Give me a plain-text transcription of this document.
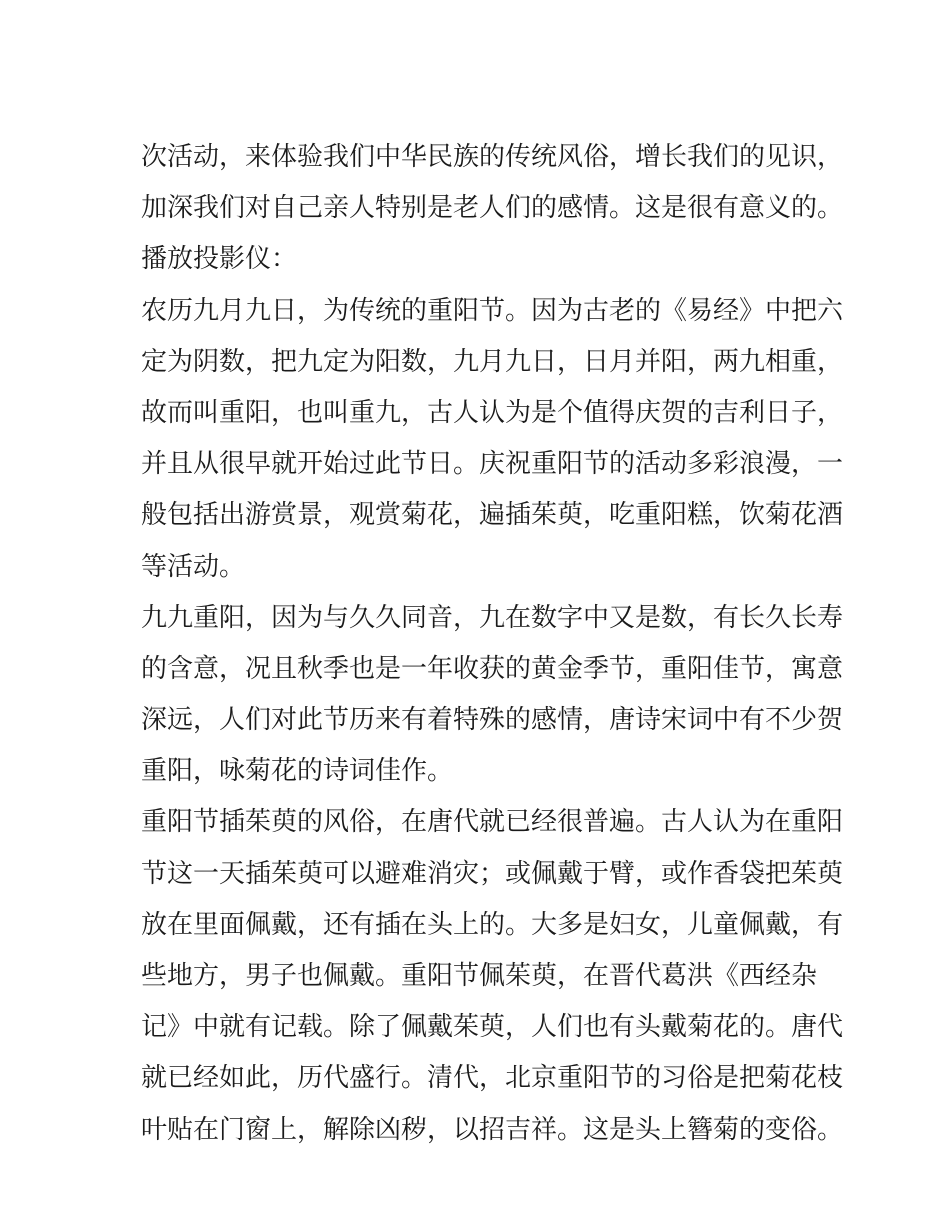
次活动，来体验我们中华民族的传统风俗，增长我们的见识，
加深我们对自己亲人特别是老人们的感情。这是很有意义的。
播放投影仪：
农历九月九日，为传统的重阳节。因为古老的《易经》中把六
定为阴数，把九定为阳数，九月九日，日月并阳，两九相重，
故而叫重阳，也叫重九，古人认为是个值得庆贺的吉利日子，
并且从很早就开始过此节日。庆祝重阳节的活动多彩浪漫，一
般包括出游赏景，观赏菊花，遍插茱萸，吃重阳糕，饮菊花酒
等活动。
九九重阳，因为与久久同音，九在数字中又是数，有长久长寿
的含意，况且秋季也是一年收获的黄金季节，重阳佳节，寓意
深远，人们对此节历来有着特殊的感情，唐诗宋词中有不少贺
重阳，咏菊花的诗词佳作。
重阳节插茱萸的风俗，在唐代就已经很普遍。古人认为在重阳
节这一天插茱萸可以避难消灾；或佩戴于臂，或作香袋把茱萸
放在里面佩戴，还有插在头上的。大多是妇女，儿童佩戴，有
些地方，男子也佩戴。重阳节佩茱萸，在晋代葛洪《西经杂
记》中就有记载。除了佩戴茱萸，人们也有头戴菊花的。唐代
就已经如此，历代盛行。清代，北京重阳节的习俗是把菊花枝
叶贴在门窗上，解除凶秽，以招吉祥。这是头上簪菊的变俗。
